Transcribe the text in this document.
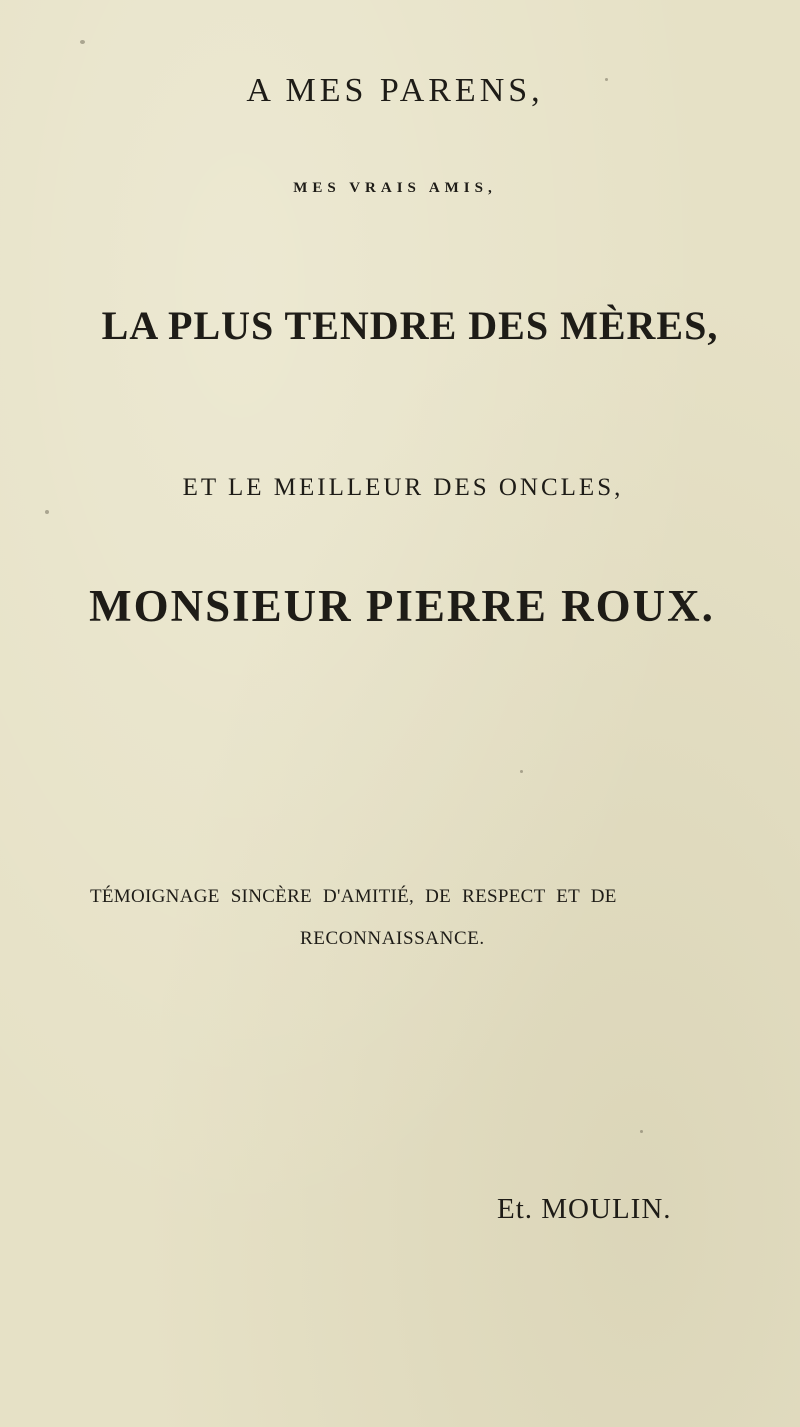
A MES PARENS,
MES VRAIS AMIS,
LA PLUS TENDRE DES MÈRES,
ET LE MEILLEUR DES ONCLES,
MONSIEUR PIERRE ROUX.
TÉMOIGNAGE SINCÈRE D'AMITIÉ, DE RESPECT ET DE
RECONNAISSANCE.
Et. MOULIN.
